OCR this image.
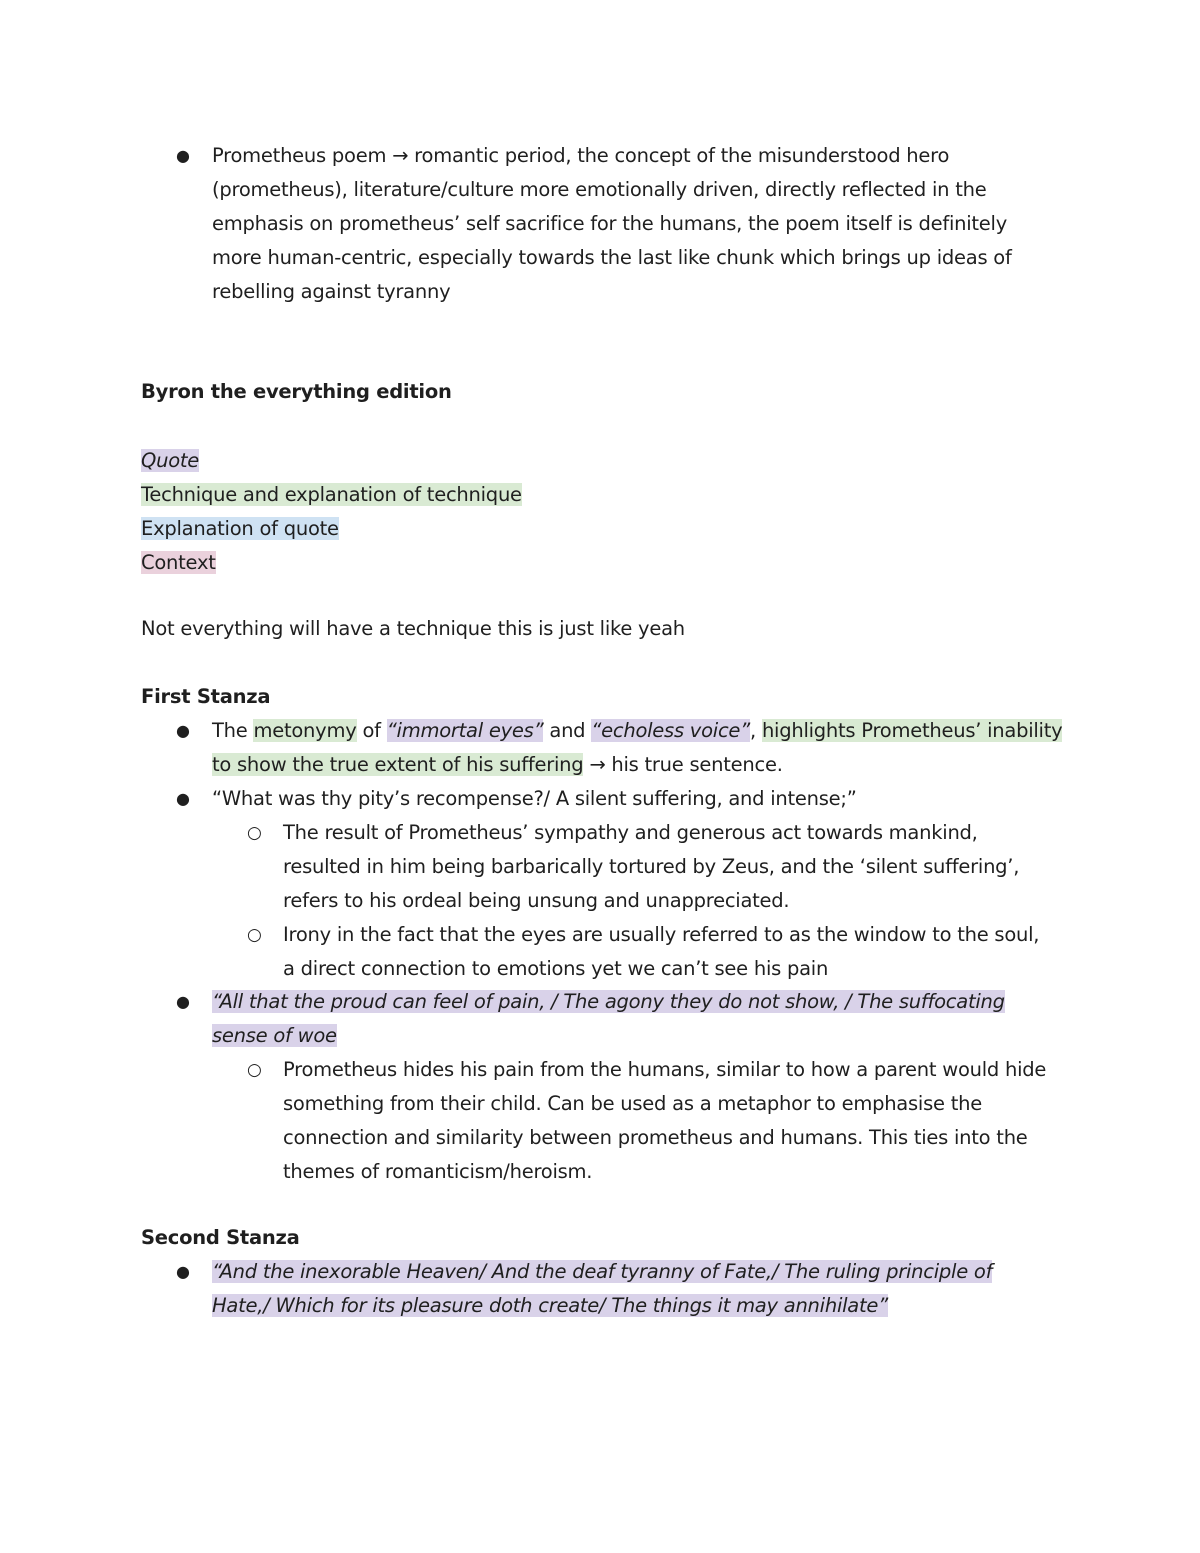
● Prometheus poem → romantic period, the concept of the misunderstood hero
(prometheus), literature/culture more emotionally driven, directly reflected in the
emphasis on prometheus’ self sacrifice for the humans, the poem itself is definitely
more human-centric, especially towards the last like chunk which brings up ideas of
rebelling against tyranny
Byron the everything edition
Quote
Technique and explanation of technique
Explanation of quote
Context
Not everything will have a technique this is just like yeah
First Stanza
● The metonymy of “immortal eyes” and “echoless voice”, highlights Prometheus’ inability
to show the true extent of his suffering → his true sentence.
● “What was thy pity’s recompense?/ A silent suffering, and intense;”
○ The result of Prometheus’ sympathy and generous act towards mankind,
resulted in him being barbarically tortured by Zeus, and the ‘silent suffering’,
refers to his ordeal being unsung and unappreciated.
○ Irony in the fact that the eyes are usually referred to as the window to the soul,
a direct connection to emotions yet we can’t see his pain
● “All that the proud can feel of pain, / The agony they do not show, / The suffocating
sense of woe
○ Prometheus hides his pain from the humans, similar to how a parent would hide
something from their child. Can be used as a metaphor to emphasise the
connection and similarity between prometheus and humans. This ties into the
themes of romanticism/heroism.
Second Stanza
● “And the inexorable Heaven/ And the deaf tyranny of Fate,/ The ruling principle of
Hate,/ Which for its pleasure doth create/ The things it may annihilate”
